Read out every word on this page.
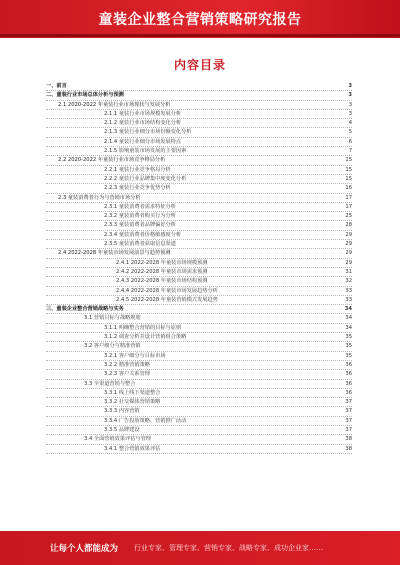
童装企业整合营销策略研究报告
内容目录
一、前言	3
二、童装行业市场总体分析与预测	3
2.1 2020-2022 年童装行业市场现状与发展分析	3
2.1.1 童装行业市场规模发展分析	3
2.1.2 童装行业市场结构变化分析	4
2.1.3 童装行业细分市场份额变化分析	5
2.1.4 童装行业细分市场发展特点	6
2.1.5 影响童装市场发展的主要因素	7
2.2 2020-2022 年童装行业市场竞争格局分析	15
2.2.1 童装行业竞争格局分析	15
2.2.2 童装行业品牌集中度变化分析	15
2.2.3 童装行业竞争优势分析	16
2.3 童装消费者行为与营销市场分析	17
2.3.1 童装消费者需求特征分析	17
2.3.2 童装消费者购买行为分析	25
2.3.3 童装消费者品牌偏好分析	28
2.3.4 童装消费者价格敏感度分析	29
2.3.5 童装消费者获取信息渠道	29
2.4 2022-2028 年童装市场发展前景与趋势预测	29
2.4.1 2022-2028 年童装市场规模预测	29
2.4.2 2022-2028 年童装市场需求预测	31
2.4.3 2022-2028 年童装市场结构预测	32
2.4.4 2022-2028 年童装市场发展趋势分析	33
2.4.5 2022-2028 年童装营销模式发展趋势	33
三、童装企业整合营销战略与实务	34
3.1 营销目标与战略规划	34
3.1.1 明确整合营销的目标与原则	34
3.1.2 调查分析并设计营销组合策略	35
3.2 客户细分与精准营销	35
3.2.1 客户细分与目标市场	35
3.2.2 精准营销策略	36
3.2.3 客户关系管理	36
3.3 全渠道营销与整合	36
3.3.1 线上线下渠道整合	36
3.3.2 社交媒体营销策略	37
3.3.3 内容营销	37
3.3.4 广告投放策略、营销推广活动	37
3.3.5 品牌建设	37
3.4 全面营销效果评估与管理	38
3.4.1 整合营销效果评估	38
让每个人都能成为 行业专家、管理专家、营销专家、战略专家、成功企业家……
